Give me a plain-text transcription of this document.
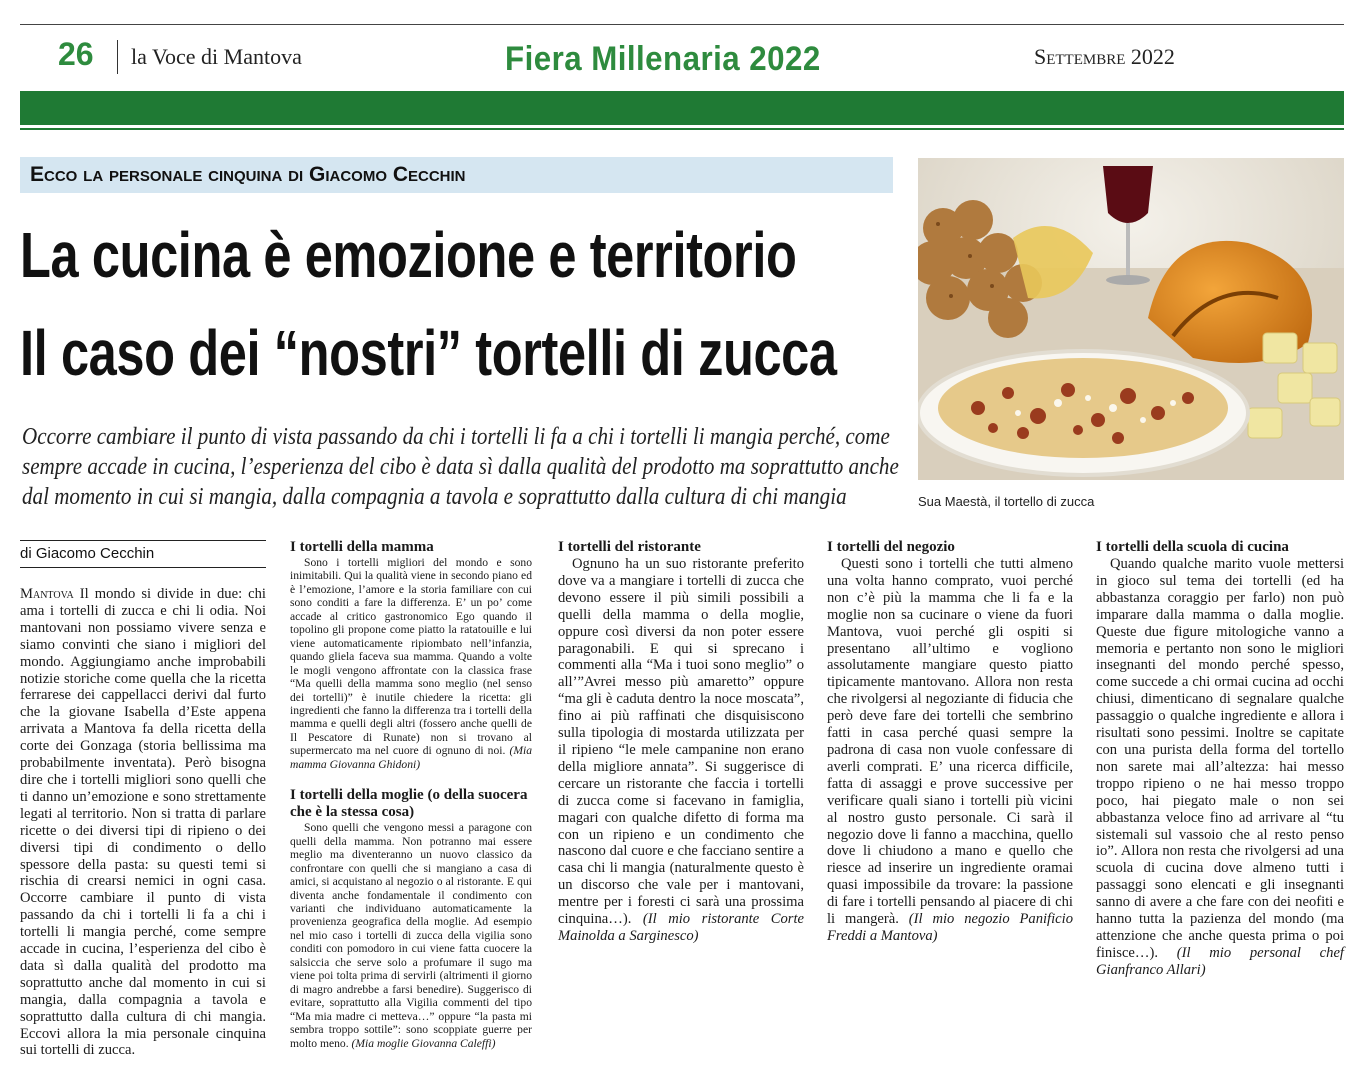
26 la Voce di Mantova	Fiera Millenaria 2022	Settembre 2022
Ecco la personale cinquina di Giacomo Cecchin
La cucina è emozione e territorio
Il caso dei “nostri” tortelli di zucca
Occorre cambiare il punto di vista passando da chi i tortelli li fa a chi i tortelli li mangia perché, come
sempre accade in cucina, l’esperienza del cibo è data sì dalla qualità del prodotto ma soprattutto anche
dal momento in cui si mangia, dalla compagnia a tavola e soprattutto dalla cultura di chi mangia	Sua Maestà, il tortello di zucca
di Giacomo Cecchin

Mantova Il mondo si divide in due: chi ama i tortelli di zucca e chi li odia. Noi mantovani non possiamo vivere senza e siamo convinti che siano i migliori del mondo. Aggiungiamo anche improbabili notizie storiche come quella che la ricetta ferrarese dei cappellacci derivi dal furto che la giovane Isabella d’Este appena arrivata a Mantova fa della ricetta della corte dei Gonzaga (storia bellissima ma probabilmente inventata). Però bisogna dire che i tortelli migliori sono quelli che ti danno un’emozione e sono strettamente legati al territorio. Non si tratta di parlare ricette o dei diversi tipi di ripieno o dei diversi tipi di condimento o dello spessore della pasta: su questi temi si rischia di crearsi nemici in ogni casa. Occorre cambiare il punto di vista passando da chi i tortelli li fa a chi i tortelli li mangia perché, come sempre accade in cucina, l’esperienza del cibo è data sì dalla qualità del prodotto ma soprattutto anche dal momento in cui si mangia, dalla compagnia a tavola e soprattutto dalla cultura di chi mangia. Eccovi allora la mia personale cinquina sui tortelli di zucca.

I tortelli della mamma

Sono i tortelli migliori del mondo e sono inimitabili. Qui la qualità viene in secondo piano ed è l’emozione, l’amore e la storia familiare con cui sono conditi a fare la differenza. E’ un po’ come accade al critico gastronomico Ego quando il topolino gli propone come piatto la ratatouille e lui viene automaticamente ripiombato nell’infanzia, quando gliela faceva sua mamma. Quando a volte le mogli vengono affrontate con la classica frase “Ma quelli della mamma sono meglio (nel senso dei tortelli)” è inutile chiedere la ricetta: gli ingredienti che fanno la differenza tra i tortelli della mamma e quelli degli altri (fossero anche quelli de Il Pescatore di Runate) non si trovano al supermercato ma nel cuore di ognuno di noi. (Mia mamma Giovanna Ghidoni)

I tortelli della moglie (o della suocera che è la stessa cosa)

Sono quelli che vengono messi a paragone con quelli della mamma. Non potranno mai essere meglio ma diventeranno un nuovo classico da confrontare con quelli che si mangiano a casa di amici, si acquistano al negozio o al ristorante. E qui diventa anche fondamentale il condimento con varianti che individuano automaticamente la provenienza geografica della moglie. Ad esempio nel mio caso i tortelli di zucca della vigilia sono conditi con pomodoro in cui viene fatta cuocere la salsiccia che serve solo a profumare il sugo ma viene poi tolta prima di servirli (altrimenti il giorno di magro andrebbe a farsi benedire). Suggerisco di evitare, soprattutto alla Vigilia commenti del tipo “Ma mia madre ci metteva…” oppure “la pasta mi sembra troppo sottile”: sono scoppiate guerre per molto meno. (Mia moglie Giovanna Caleffi)

I tortelli del ristorante

Ognuno ha un suo ristorante preferito dove va a mangiare i tortelli di zucca che devono essere il più simili possibili a quelli della mamma o della moglie, oppure così diversi da non poter essere paragonabili. E qui si sprecano i commenti alla “Ma i tuoi sono meglio” o all’”Avrei messo più amaretto” oppure “ma gli è caduta dentro la noce moscata”, fino ai più raffinati che disquisiscono sulla tipologia di mostarda utilizzata per il ripieno “le mele campanine non erano della migliore annata”. Si suggerisce di cercare un ristorante che faccia i tortelli di zucca come si facevano in famiglia, magari con qualche difetto di forma ma con un ripieno e un condimento che nascono dal cuore e che facciano sentire a casa chi li mangia (naturalmente questo è un discorso che vale per i mantovani, mentre per i foresti ci sarà una prossima cinquina…). (Il mio ristorante Corte Mainolda a Sarginesco)

I tortelli del negozio

Questi sono i tortelli che tutti almeno una volta hanno comprato, vuoi perché non c’è più la mamma che li fa e la moglie non sa cucinare o viene da fuori Mantova, vuoi perché gli ospiti si presentano all’ultimo e vogliono assolutamente mangiare questo piatto tipicamente mantovano. Allora non resta che rivolgersi al negoziante di fiducia che però deve fare dei tortelli che sembrino fatti in casa perché quasi sempre la padrona di casa non vuole confessare di averli comprati. E’ una ricerca difficile, fatta di assaggi e prove successive per verificare quali siano i tortelli più vicini al nostro gusto personale. Ci sarà il negozio dove li fanno a macchina, quello dove li chiudono a mano e quello che riesce ad inserire un ingrediente oramai quasi impossibile da trovare: la passione di fare i tortelli pensando al piacere di chi li mangerà. (Il mio negozio Panificio Freddi a Mantova)

I tortelli della scuola di cucina

Quando qualche marito vuole mettersi in gioco sul tema dei tortelli (ed ha abbastanza coraggio per farlo) non può imparare dalla mamma o dalla moglie. Queste due figure mitologiche vanno a memoria e pertanto non sono le migliori insegnanti del mondo perché spesso, come succede a chi ormai cucina ad occhi chiusi, dimenticano di segnalare qualche passaggio o qualche ingrediente e allora i risultati sono pessimi. Inoltre se capitate con una purista della forma del tortello non sarete mai all’altezza: hai messo troppo ripieno o ne hai messo troppo poco, hai piegato male o non sei abbastanza veloce fino ad arrivare al “tu sistemali sul vassoio che al resto penso io”. Allora non resta che rivolgersi ad una scuola di cucina dove almeno tutti i passaggi sono elencati e gli insegnanti sanno di avere a che fare con dei neofiti e hanno tutta la pazienza del mondo (ma attenzione che anche questa prima o poi finisce…). (Il mio personal chef Gianfranco Allari)
